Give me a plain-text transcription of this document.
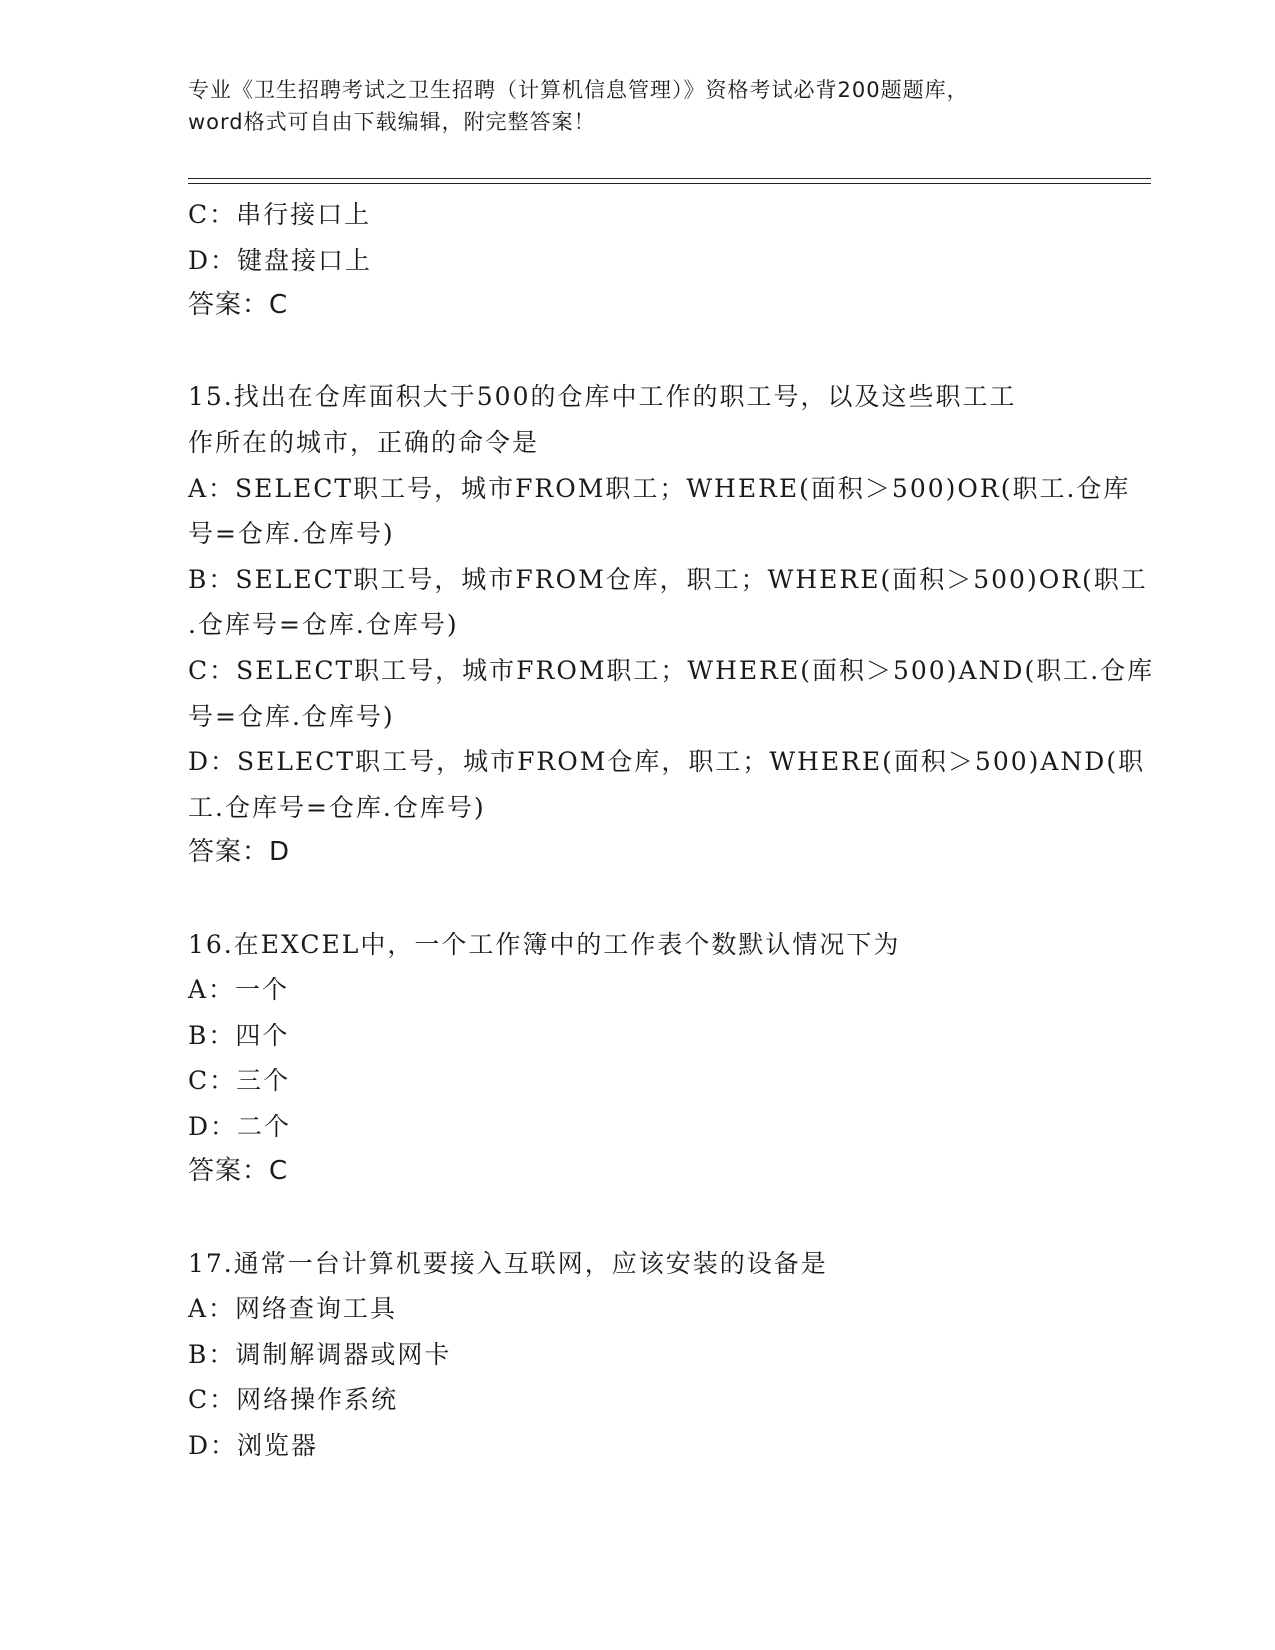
专业《卫生招聘考试之卫生招聘（计算机信息管理）》资格考试必背200题题库，
word格式可自由下载编辑，附完整答案！
C：串行接口上
D：键盘接口上
答案：C
15.找出在仓库面积大于500的仓库中工作的职工号，以及这些职工工
作所在的城市，正确的命令是
A：SELECT职工号，城市FROM职工；WHERE(面积＞500)OR(职工.仓库
号=仓库.仓库号)
B：SELECT职工号，城市FROM仓库，职工；WHERE(面积＞500)OR(职工
.仓库号=仓库.仓库号)
C：SELECT职工号，城市FROM职工；WHERE(面积＞500)AND(职工.仓库
号=仓库.仓库号)
D：SELECT职工号，城市FROM仓库，职工；WHERE(面积＞500)AND(职
工.仓库号=仓库.仓库号)
答案：D
16.在EXCEL中，一个工作簿中的工作表个数默认情况下为
A：一个
B：四个
C：三个
D：二个
答案：C
17.通常一台计算机要接入互联网，应该安装的设备是
A：网络查询工具
B：调制解调器或网卡
C：网络操作系统
D：浏览器
